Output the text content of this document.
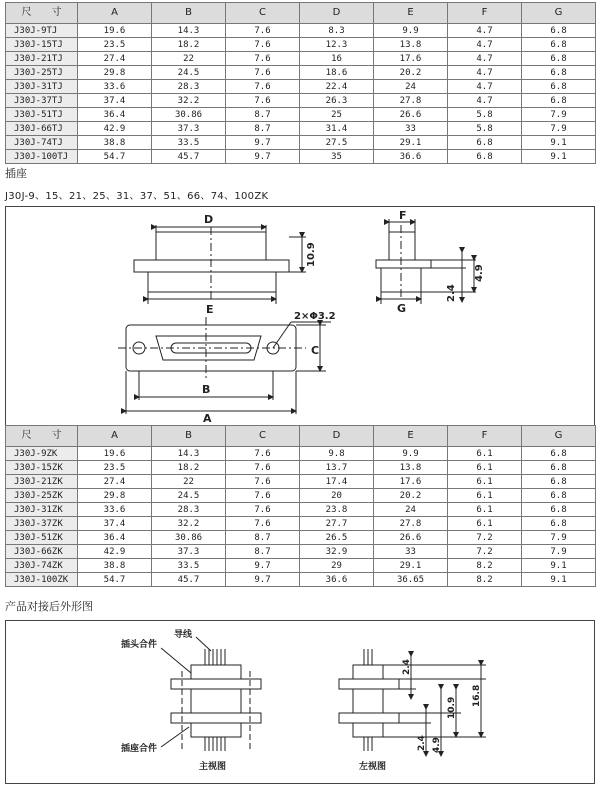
尺　　寸	A	B	C	D	E	F	G
J30J-9TJ	19.6	14.3	7.6	8.3	9.9	4.7	6.8
J30J-15TJ	23.5	18.2	7.6	12.3	13.8	4.7	6.8
J30J-21TJ	27.4	22	7.6	16	17.6	4.7	6.8
J30J-25TJ	29.8	24.5	7.6	18.6	20.2	4.7	6.8
J30J-31TJ	33.6	28.3	7.6	22.4	24	4.7	6.8
J30J-37TJ	37.4	32.2	7.6	26.3	27.8	4.7	6.8
J30J-51TJ	36.4	30.86	8.7	25	26.6	5.8	7.9
J30J-66TJ	42.9	37.3	8.7	31.4	33	5.8	7.9
J30J-74TJ	38.8	33.5	9.7	27.5	29.1	6.8	9.1
J30J-100TJ	54.7	45.7	9.7	35	36.6	6.8	9.1
插座
J30J-9、15、21、25、31、37、51、66、74、100ZK
D
E
F
G
C
B
A
2×Φ3.2
10.9
4.9
2.4
尺　　寸	A	B	C	D	E	F	G
J30J-9ZK	19.6	14.3	7.6	9.8	9.9	6.1	6.8
J30J-15ZK	23.5	18.2	7.6	13.7	13.8	6.1	6.8
J30J-21ZK	27.4	22	7.6	17.4	17.6	6.1	6.8
J30J-25ZK	29.8	24.5	7.6	20	20.2	6.1	6.8
J30J-31ZK	33.6	28.3	7.6	23.8	24	6.1	6.8
J30J-37ZK	37.4	32.2	7.6	27.7	27.8	6.1	6.8
J30J-51ZK	36.4	30.86	8.7	26.5	26.6	7.2	7.9
J30J-66ZK	42.9	37.3	8.7	32.9	33	7.2	7.9
J30J-74ZK	38.8	33.5	9.7	29	29.1	8.2	9.1
J30J-100ZK	54.7	45.7	9.7	36.6	36.65	8.2	9.1
产品对接后外形图
插头合件
导线
插座合件
主视图	左视图
2.4
10.9
16.8
2.4 4.9
